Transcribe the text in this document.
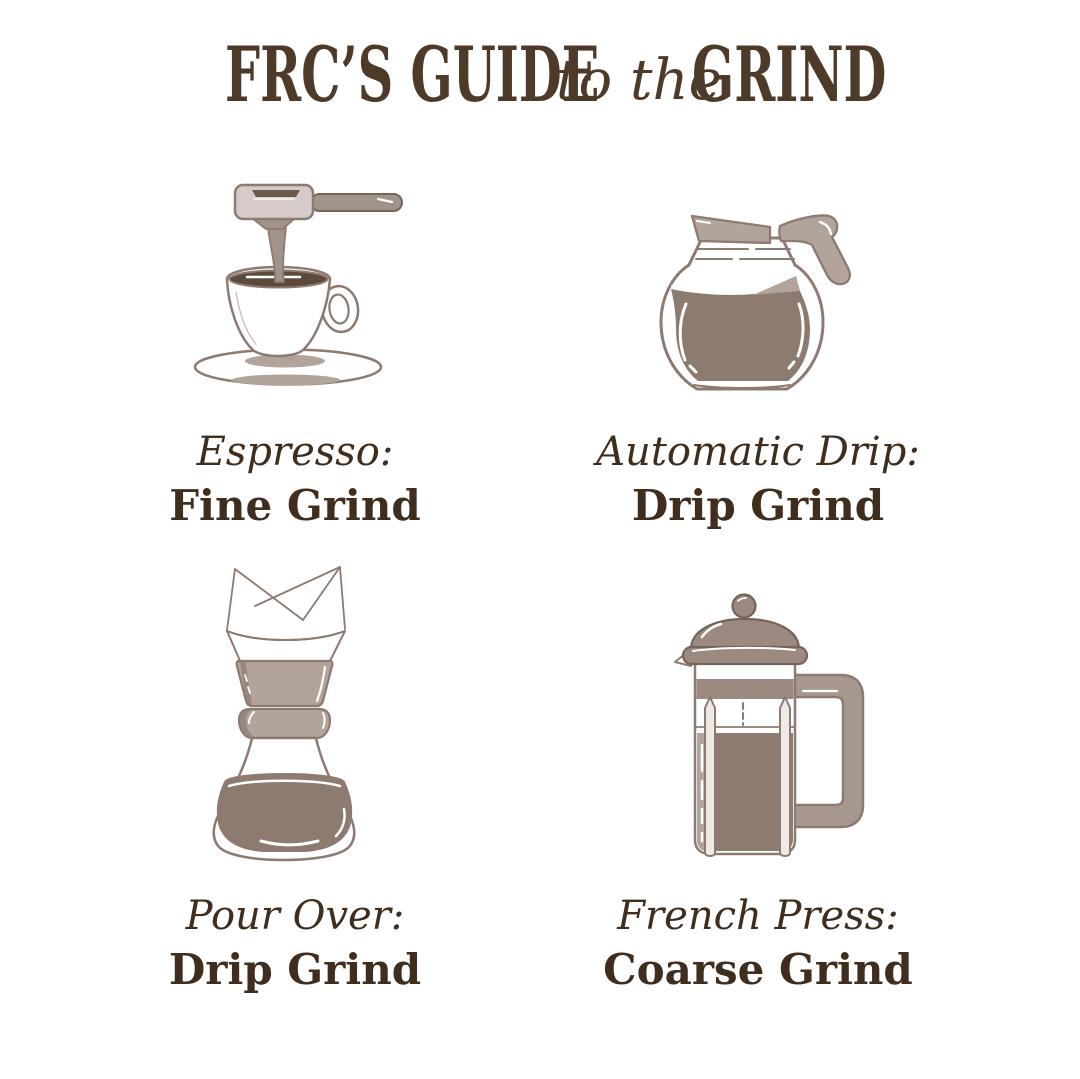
FRC’S GUIDE
to the
GRIND
Espresso:
Fine Grind
Automatic Drip:
Drip Grind
Pour Over:
Drip Grind
French Press:
Coarse Grind
